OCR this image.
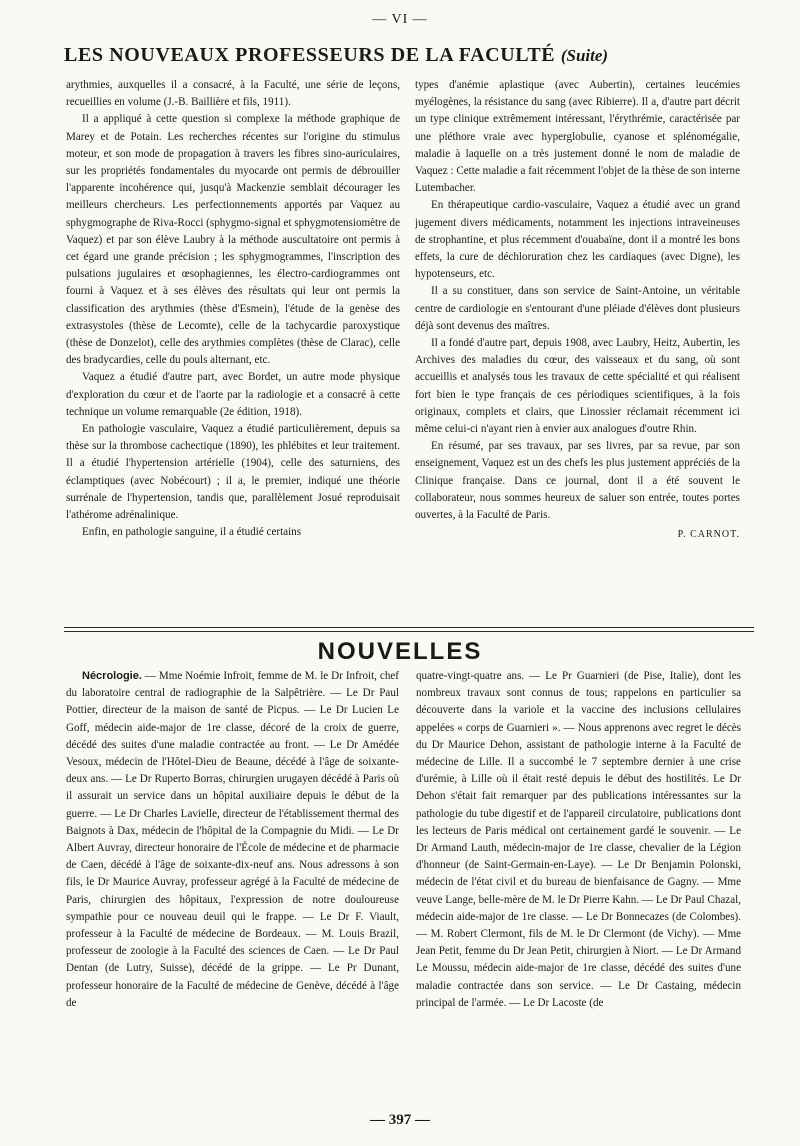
— VI —
LES NOUVEAUX PROFESSEURS DE LA FACULTÉ (Suite)

arythmies, auxquelles il a consacré, à la Faculté, une série de leçons, recueillies en volume (J.-B. Baillière et fils, 1911).

Il a appliqué à cette question si complexe la méthode graphique de Marey et de Potain. Les recherches récentes sur l'origine du stimulus moteur, et son mode de propagation à travers les fibres sino-auriculaires, sur les propriétés fondamentales du myocarde ont permis de débrouiller l'apparente incohérence qui, jusqu'à Mackenzie semblait décourager les meilleurs chercheurs. Les perfectionnements apportés par Vaquez au sphygmographe de Riva-Rocci (sphygmo-signal et sphygmotensiomètre de Vaquez) et par son élève Laubry à la méthode auscultatoire ont permis à cet égard une grande précision ; les sphygmogrammes, l'inscription des pulsations jugulaires et œsophagiennes, les électro-cardiogrammes ont fourni à Vaquez et à ses élèves des résultats qui leur ont permis la classification des arythmies (thèse d'Esmein), l'étude de la genèse des extrasystoles (thèse de Lecomte), celle de la tachycardie paroxystique (thèse de Donzelot), celle des arythmies complètes (thèse de Clarac), celle des bradycardies, celle du pouls alternant, etc.

Vaquez a étudié d'autre part, avec Bordet, un autre mode physique d'exploration du cœur et de l'aorte par la radiologie et a consacré à cette technique un volume remarquable (2e édition, 1918).

En pathologie vasculaire, Vaquez a étudié particulièrement, depuis sa thèse sur la thrombose cachectique (1890), les phlébites et leur traitement. Il a étudié l'hypertension artérielle (1904), celle des saturniens, des éclamptiques (avec Nobécourt) ; il a, le premier, indiqué une théorie surrénale de l'hypertension, tandis que, parallèlement Josué reproduisait l'athérome adrénalinique.

Enfin, en pathologie sanguine, il a étudié certains

types d'anémie aplastique (avec Aubertin), certaines leucémies myélogènes, la résistance du sang (avec Ribierre). Il a, d'autre part décrit un type clinique extrêmement intéressant, l'érythrémie, caractérisée par une pléthore vraie avec hyperglobulie, cyanose et splénomégalie, maladie à laquelle on a très justement donné le nom de maladie de Vaquez : Cette maladie a fait récemment l'objet de la thèse de son interne Lutembacher.

En thérapeutique cardio-vasculaire, Vaquez a étudié avec un grand jugement divers médicaments, notamment les injections intraveineuses de strophantine, et plus récemment d'ouabaïne, dont il a montré les bons effets, la cure de déchloruration chez les cardiaques (avec Digne), les hypotenseurs, etc.

Il a su constituer, dans son service de Saint-Antoine, un véritable centre de cardiologie en s'entourant d'une pléiade d'élèves dont plusieurs déjà sont devenus des maîtres.

Il a fondé d'autre part, depuis 1908, avec Laubry, Heitz, Aubertin, les Archives des maladies du cœur, des vaisseaux et du sang, où sont accueillis et analysés tous les travaux de cette spécialité et qui réalisent fort bien le type français de ces périodiques scientifiques, à la fois originaux, complets et clairs, que Linossier réclamait récemment ici même celui-ci n'ayant rien à envier aux analogues d'outre Rhin.

En résumé, par ses travaux, par ses livres, par sa revue, par son enseignement, Vaquez est un des chefs les plus justement appréciés de la Clinique française. Dans ce journal, dont il a été souvent le collaborateur, nous sommes heureux de saluer son entrée, toutes portes ouvertes, à la Faculté de Paris.

P. CARNOT.
NOUVELLES

Nécrologie. — Mme Noémie Infroit, femme de M. le Dr Infroit, chef du laboratoire central de radiographie de la Salpêtrière. — Le Dr Paul Pottier, directeur de la maison de santé de Picpus. — Le Dr Lucien Le Goff, médecin aide-major de 1re classe, décoré de la croix de guerre, décédé des suites d'une maladie contractée au front. — Le Dr Amédée Vesoux, médecin de l'Hôtel-Dieu de Beaune, décédé à l'âge de soixante-deux ans. — Le Dr Ruperto Borras, chirurgien urugayen décédé à Paris où il assurait un service dans un hôpital auxiliaire depuis le début de la guerre. — Le Dr Charles Lavielle, directeur de l'établissement thermal des Baignots à Dax, médecin de l'hôpital de la Compagnie du Midi. — Le Dr Albert Auvray, directeur honoraire de l'École de médecine et de pharmacie de Caen, décédé à l'âge de soixante-dix-neuf ans. Nous adressons à son fils, le Dr Maurice Auvray, professeur agrégé à la Faculté de médecine de Paris, chirurgien des hôpitaux, l'expression de notre douloureuse sympathie pour ce nouveau deuil qui le frappe. — Le Dr F. Viault, professeur à la Faculté de médecine de Bordeaux. — M. Louis Brazil, professeur de zoologie à la Faculté des sciences de Caen. — Le Dr Paul Dentan (de Lutry, Suisse), décédé de la grippe. — Le Pr Dunant, professeur honoraire de la Faculté de médecine de Genève, décédé à l'âge de

quatre-vingt-quatre ans. — Le Pr Guarnieri (de Pise, Italie), dont les nombreux travaux sont connus de tous; rappelons en particulier sa découverte dans la variole et la vaccine des inclusions cellulaires appelées « corps de Guarnieri ». — Nous apprenons avec regret le décès du Dr Maurice Dehon, assistant de pathologie interne à la Faculté de médecine de Lille. Il a succombé le 7 septembre dernier à une crise d'urémie, à Lille où il était resté depuis le début des hostilités. Le Dr Dehon s'était fait remarquer par des publications intéressantes sur la pathologie du tube digestif et de l'appareil circulatoire, publications dont les lecteurs de Paris médical ont certainement gardé le souvenir. — Le Dr Armand Lauth, médecin-major de 1re classe, chevalier de la Légion d'honneur (de Saint-Germain-en-Laye). — Le Dr Benjamin Polonski, médecin de l'état civil et du bureau de bienfaisance de Gagny. — Mme veuve Lange, belle-mère de M. le Dr Pierre Kahn. — Le Dr Paul Chazal, médecin aide-major de 1re classe. — Le Dr Bonnecazes (de Colombes). — M. Robert Clermont, fils de M. le Dr Clermont (de Vichy). — Mme Jean Petit, femme du Dr Jean Petit, chirurgien à Niort. — Le Dr Armand Le Moussu, médecin aide-major de 1re classe, décédé des suites d'une maladie contractée dans son service. — Le Dr Castaing, médecin principal de l'armée. — Le Dr Lacoste (de

— 397 —
